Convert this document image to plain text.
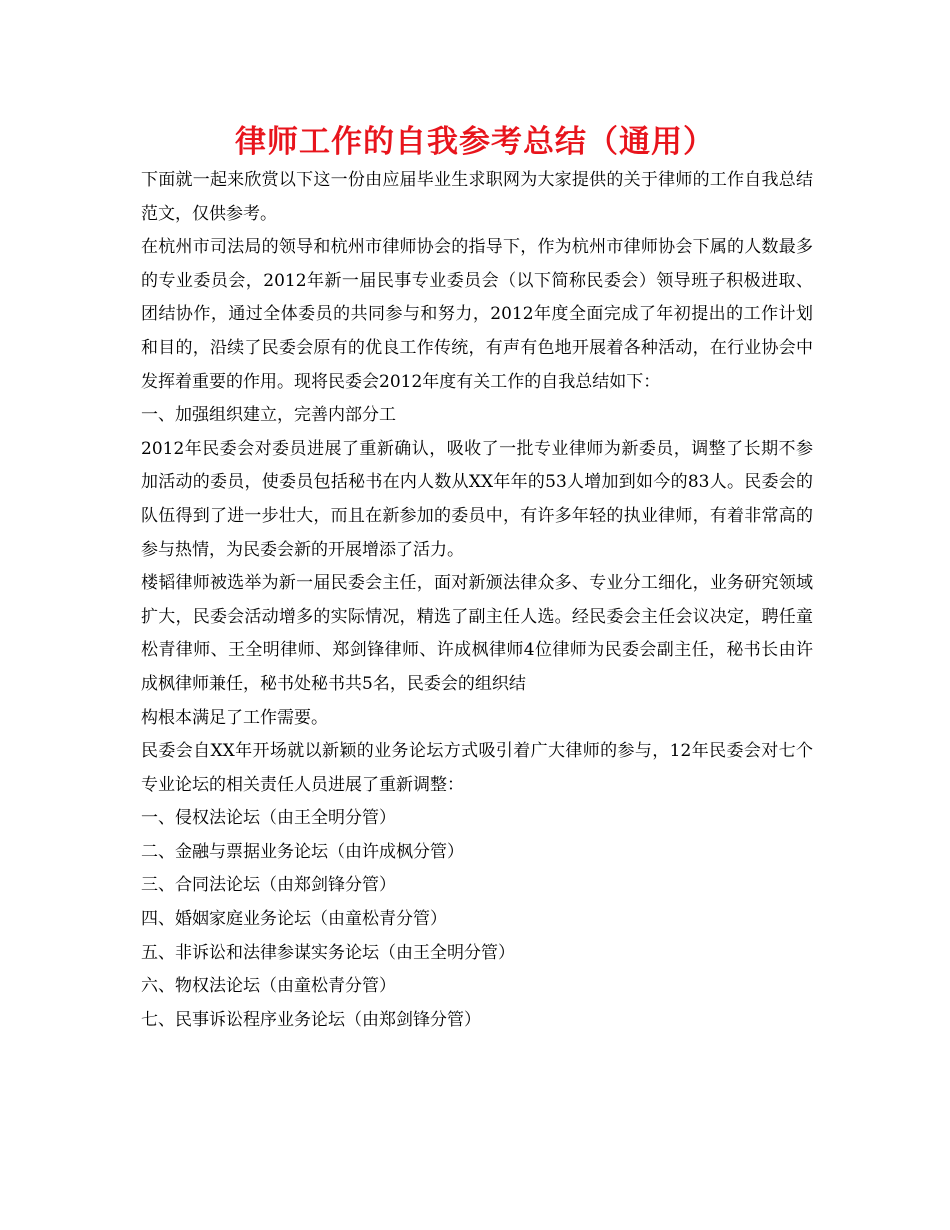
律师工作的自我参考总结（通用）

下面就一起来欣赏以下这一份由应届毕业生求职网为大家提供的关于律师的工作自我总结范文，仅供参考。

在杭州市司法局的领导和杭州市律师协会的指导下，作为杭州市律师协会下属的人数最多的专业委员会，2012年新一届民事专业委员会（以下简称民委会）领导班子积极进取、团结协作，通过全体委员的共同参与和努力，2012年度全面完成了年初提出的工作计划和目的，沿续了民委会原有的优良工作传统，有声有色地开展着各种活动，在行业协会中发挥着重要的作用。现将民委会2012年度有关工作的自我总结如下：

一、加强组织建立，完善内部分工

2012年民委会对委员进展了重新确认，吸收了一批专业律师为新委员，调整了长期不参加活动的委员，使委员包括秘书在内人数从XX年年的53人增加到如今的83人。民委会的队伍得到了进一步壮大，而且在新参加的委员中，有许多年轻的执业律师，有着非常高的参与热情，为民委会新的开展增添了活力。

楼韬律师被选举为新一届民委会主任，面对新颁法律众多、专业分工细化，业务研究领域扩大，民委会活动增多的实际情况，精选了副主任人选。经民委会主任会议决定，聘任童松青律师、王全明律师、郑剑锋律师、许成枫律师4位律师为民委会副主任，秘书长由许成枫律师兼任，秘书处秘书共5名，民委会的组织结

构根本满足了工作需要。

民委会自XX年开场就以新颖的业务论坛方式吸引着广大律师的参与，12年民委会对七个专业论坛的相关责任人员进展了重新调整：

一、侵权法论坛（由王全明分管）

二、金融与票据业务论坛（由许成枫分管）

三、合同法论坛（由郑剑锋分管）

四、婚姻家庭业务论坛（由童松青分管）

五、非诉讼和法律参谋实务论坛（由王全明分管）

六、物权法论坛（由童松青分管）

七、民事诉讼程序业务论坛（由郑剑锋分管）
